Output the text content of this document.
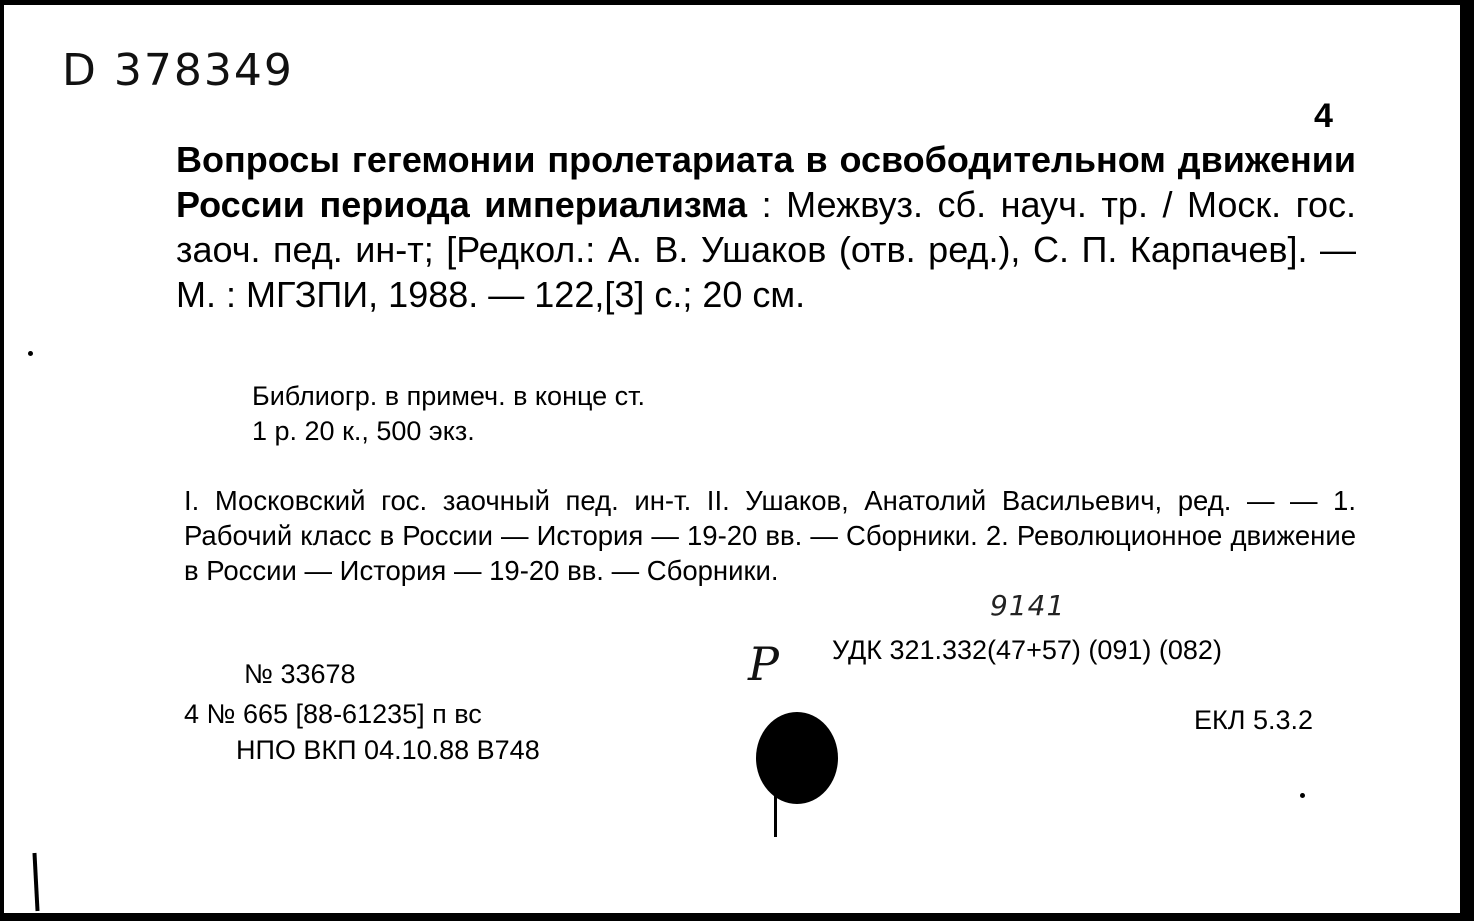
D 378349
4
Вопросы гегемонии пролетариата в освободительном движении России периода империализма : Межвуз. сб. науч. тр. / Моск. гос. заоч. пед. ин-т; [Редкол.: А. В. Ушаков (отв. ред.), С. П. Карпачев]. — М. : МГЗПИ, 1988. — 122,[3] с.; 20 см.
Библиогр. в примеч. в конце ст.
1 р. 20 к., 500 экз.
I. Московский гос. заочный пед. ин-т. II. Ушаков, Анатолий Васильевич, ред. — — 1. Рабочий класс в России — История — 19-20 вв. — Сборники. 2. Революционное движение в России — История — 19-20 вв. — Сборники.
9141
Р УДК 321.332(47+57) (091) (082)
№ 33678
4 № 665 [88-61235] п вс
НПО ВКП 04.10.88 В748
ЕКЛ 5.3.2
